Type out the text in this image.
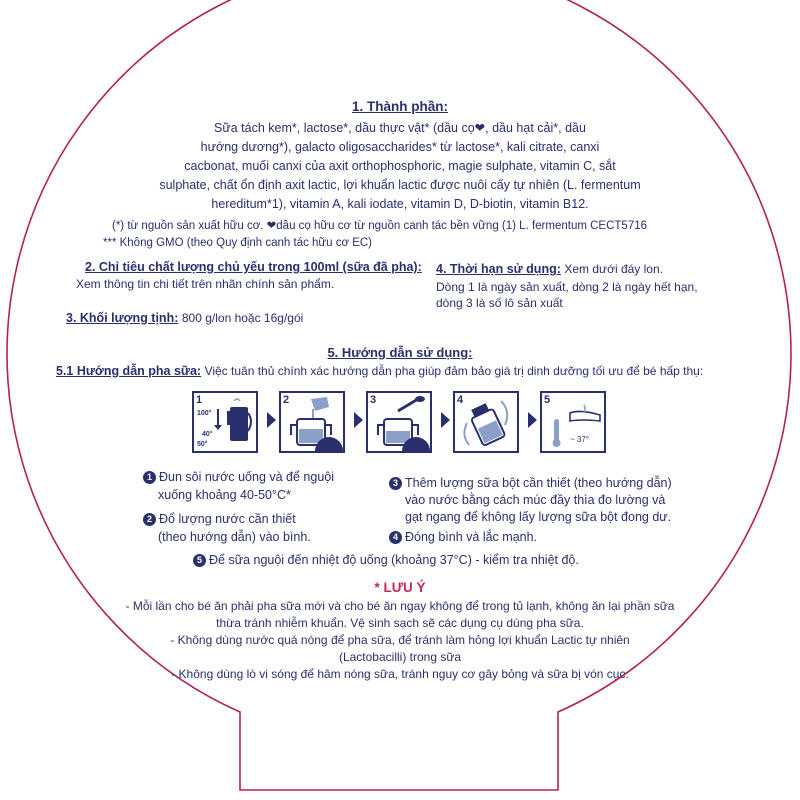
1. Thành phần:

Sữa tách kem*, lactose*, dầu thực vật* (dầu cọ❤, dầu hạt cải*, dầu

hướng dương*), galacto oligosaccharides* từ lactose*, kali citrate, canxi

cacbonat, muối canxi của axit orthophosphoric, magie sulphate, vitamin C, sắt

sulphate, chất ổn định axit lactic, lợi khuẩn lactic được nuôi cấy tự nhiên (L. fermentum

hereditum*1), vitamin A, kali iodate, vitamin D, D-biotin, vitamin B12.

(*) từ nguồn sản xuất hữu cơ. ❤dầu cọ hữu cơ từ nguồn canh tác bền vững (1) L. fermentum CECT5716

*** Không GMO (theo Quy định canh tác hữu cơ EC)

2. Chỉ tiêu chất lượng chủ yếu trong 100ml (sữa đã pha):

Xem thông tin chi tiết trên nhãn chính sản phẩm.

4. Thời hạn sử dụng: Xem dưới đáy lon.

Dòng 1 là ngày sản xuất, dòng 2 là ngày hết hạn,

dòng 3 là số lô sản xuất

3. Khối lượng tịnh: 800 g/lon hoặc 16g/gói

5. Hướng dẫn sử dụng:

5.1 Hướng dẫn pha sữa: Việc tuân thủ chính xác hướng dẫn pha giúp đảm bảo giá trị dinh dưỡng tối ưu để bé hấp thụ:

1
100°
40°
50°
2	3	4	5
~ 37°

1 Đun sôi nước uống và để nguội

xuống khoảng 40-50°C*

2 Đổ lượng nước cần thiết

(theo hướng dẫn) vào bình.

3 Thêm lượng sữa bột cần thiết (theo hướng dẫn)

vào nước bằng cách múc đầy thìa đo lường và

gạt ngang để không lấy lượng sữa bột đong dư.

4 Đóng bình và lắc mạnh.

5 Để sữa nguội đến nhiệt độ uống (khoảng 37°C) - kiểm tra nhiệt độ.

* LƯU Ý

- Mỗi lần cho bé ăn phải pha sữa mới và cho bé ăn ngay không để trong tủ lạnh, không ăn lại phần sữa

thừa tránh nhiễm khuẩn. Vệ sinh sạch sẽ các dụng cụ dùng pha sữa.

- Không dùng nước quá nóng để pha sữa, để tránh làm hỏng lợi khuẩn Lactic tự nhiên

(Lactobacilli) trong sữa

- Không dùng lò vi sóng để hâm nóng sữa, tránh nguy cơ gây bỏng và sữa bị vón cục.
